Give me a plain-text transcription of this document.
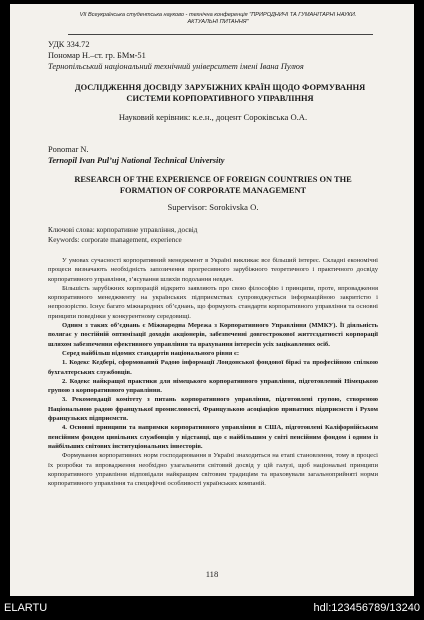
VII Всеукраїнська студентська науково - технічна конференція "ПРИРОДНИЧІ ТА ГУМАНІТАРНІ НАУКИ. АКТУАЛЬНІ ПИТАННЯ"
УДК 334.72
Пономар Н.–ст. гр. БМм-51
Тернопільський національний технічний університет імені Івана Пулюя
ДОСЛІДЖЕННЯ ДОСВІДУ ЗАРУБІЖНИХ КРАЇН ЩОДО ФОРМУВАННЯ СИСТЕМИ КОРПОРАТИВНОГО УПРАВЛІННЯ
Науковий керівник: к.е.н., доцент Сороківська О.А.
Ponomar N.
Ternopil Ivan Pul’uj National Technical University
RESEARCH OF THE EXPERIENCE OF FOREIGN COUNTRIES ON THE FORMATION OF CORPORATE MANAGEMENT
Supervisor: Sorokivska O.
Ключові слова: корпоративне управління, досвід
Keywords: corporate management, experience

У умовах сучасності корпоративний менеджмент в Україні викликає все більший інтерес. Складні економічні процеси визначають необхідність запозичення прогресивного зарубіжного теоретичного і практичного досвіду корпоративного управління, з’ясування шляхів подолання невдач.

Більшість зарубіжних корпорацій відкрито заявляють про свою філософію і принципи, проте, впровадження корпоративного менеджменту на українських підприємствах супроводжується інформаційною закритістю і непрозорістю. Існує багато міжнародних об’єднань, що формують стандарти корпоративного управління та основні принципи поведінки у конкурентному середовищі.

Одним з таких об’єднань є Міжнародна Мережа з Корпоративного Управління (ММКУ). Її діяльність полягає у постійній оптимізації доходів акціонерів, забезпеченні довгострокової життєздатності корпорації шляхом забезпечення ефективного управління та врахування інтересів усіх зацікавлених осіб.

Серед найбільш відомих стандартів національного рівня є:

1. Кодекс Кедбері, сформований Радою інформації Лондонської фондової біржі та професійною спілкою бухгалтерських службовців.

2. Кодекс найкращої практики для німецького корпоративного управління, підготовлений Німецькою групою з корпоративного управління.

3. Рекомендації комітету з питань корпоративного управління, підготовлені групою, створеною Національною радою французької промисловості, Французькою асоціацією приватних підприємств і Рухом французьких підприємств.

4. Основні принципи та напрямки корпоративного управління в США, підготовлені Каліфорнійським пенсійним фондом цивільних службовців у відставці, що є найбільшим у світі пенсійним фондом і одним із найбільших світових інституціональних інвесторів.

Формування корпоративних норм господарювання в Україні знаходиться на етапі становлення, тому в процесі їх розробки та впровадження необхідно узагальнити світовий досвід у цій галузі, щоб національні принципи корпоративного управління відповідали найкращим світовим традиціям та враховували загальноприйняті норми корпоративного управління та специфічні особливості українських компаній.

118
ELARTU	hdl:123456789/13240
